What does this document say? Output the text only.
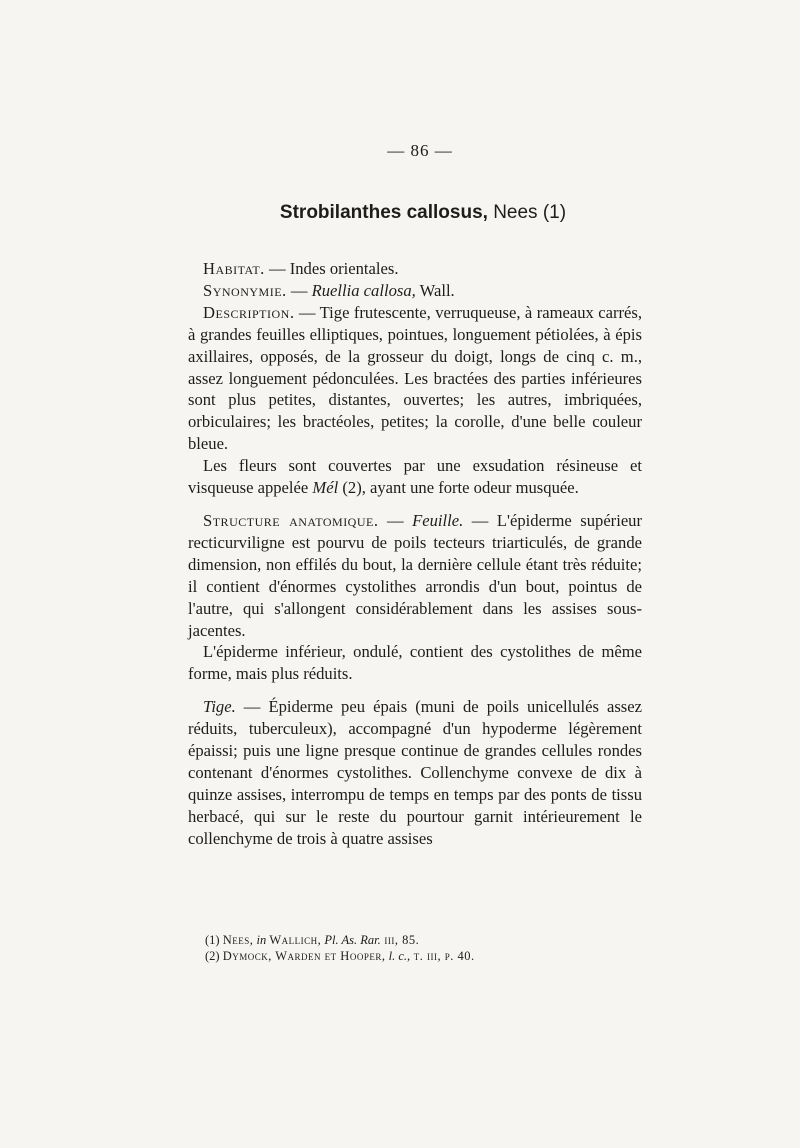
— 86 —
Strobilanthes callosus, Nees (1)

Habitat. — Indes orientales.

Synonymie. — Ruellia callosa, Wall.

Description. — Tige frutescente, verruqueuse, à rameaux carrés, à grandes feuilles elliptiques, pointues, longuement pétiolées, à épis axillaires, opposés, de la grosseur du doigt, longs de cinq c. m., assez longuement pédonculées. Les bractées des parties inférieures sont plus petites, distantes, ouvertes; les autres, imbriquées, orbiculaires; les bractéoles, petites; la corolle, d'une belle couleur bleue.

Les fleurs sont couvertes par une exsudation résineuse et visqueuse appelée Mél (2), ayant une forte odeur musquée.

Structure anatomique. — Feuille. — L'épiderme supérieur recticurviligne est pourvu de poils tecteurs triarticulés, de grande dimension, non effilés du bout, la dernière cellule étant très réduite; il contient d'énormes cystolithes arrondis d'un bout, pointus de l'autre, qui s'allongent considérablement dans les assises sous-jacentes.

L'épiderme inférieur, ondulé, contient des cystolithes de même forme, mais plus réduits.

Tige. — Épiderme peu épais (muni de poils unicellulés assez réduits, tuberculeux), accompagné d'un hypoderme légèrement épaissi; puis une ligne presque continue de grandes cellules rondes contenant d'énormes cystolithes. Collenchyme convexe de dix à quinze assises, interrompu de temps en temps par des ponts de tissu herbacé, qui sur le reste du pourtour garnit intérieurement le collenchyme de trois à quatre assises

(1) Nees, in Wallich, Pl. As. Rar. iii, 85.
(2) Dymock, Warden et Hooper, l. c., t. iii, p. 40.
